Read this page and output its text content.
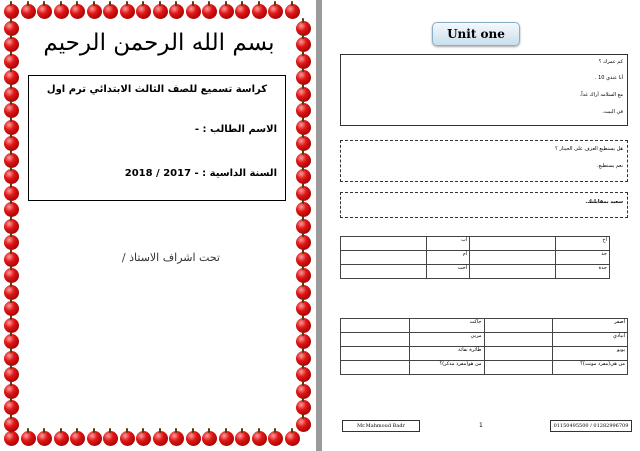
بسم الله الرحمن الرحيم
كراسة تسميع للصف الثالث الابتدائي ترم اول
الاسم الطالب : -
السنة الداسية : - 2017 / 2018
تحت اشراف الاستاذ /
Unit one
كم عمرك ؟
أنا عندي 10 .
مع السلامه أراك غداً.
في البيت.
هل يستطيع العزف على الجيتار ؟
نعم يستطيع.
سعيد بمقابلتك.
اخ		أب	
جد		أم	
جدة		أخت	
أصفر		جاكت	
أنيادي		مربي	
يويو		طائرة نفاثة	
من هي(مفرد مونث)؟		من هو(مفرد مذكر)؟	
Mr.Mahmoud Badr	1	01150495500 / 01282996709
